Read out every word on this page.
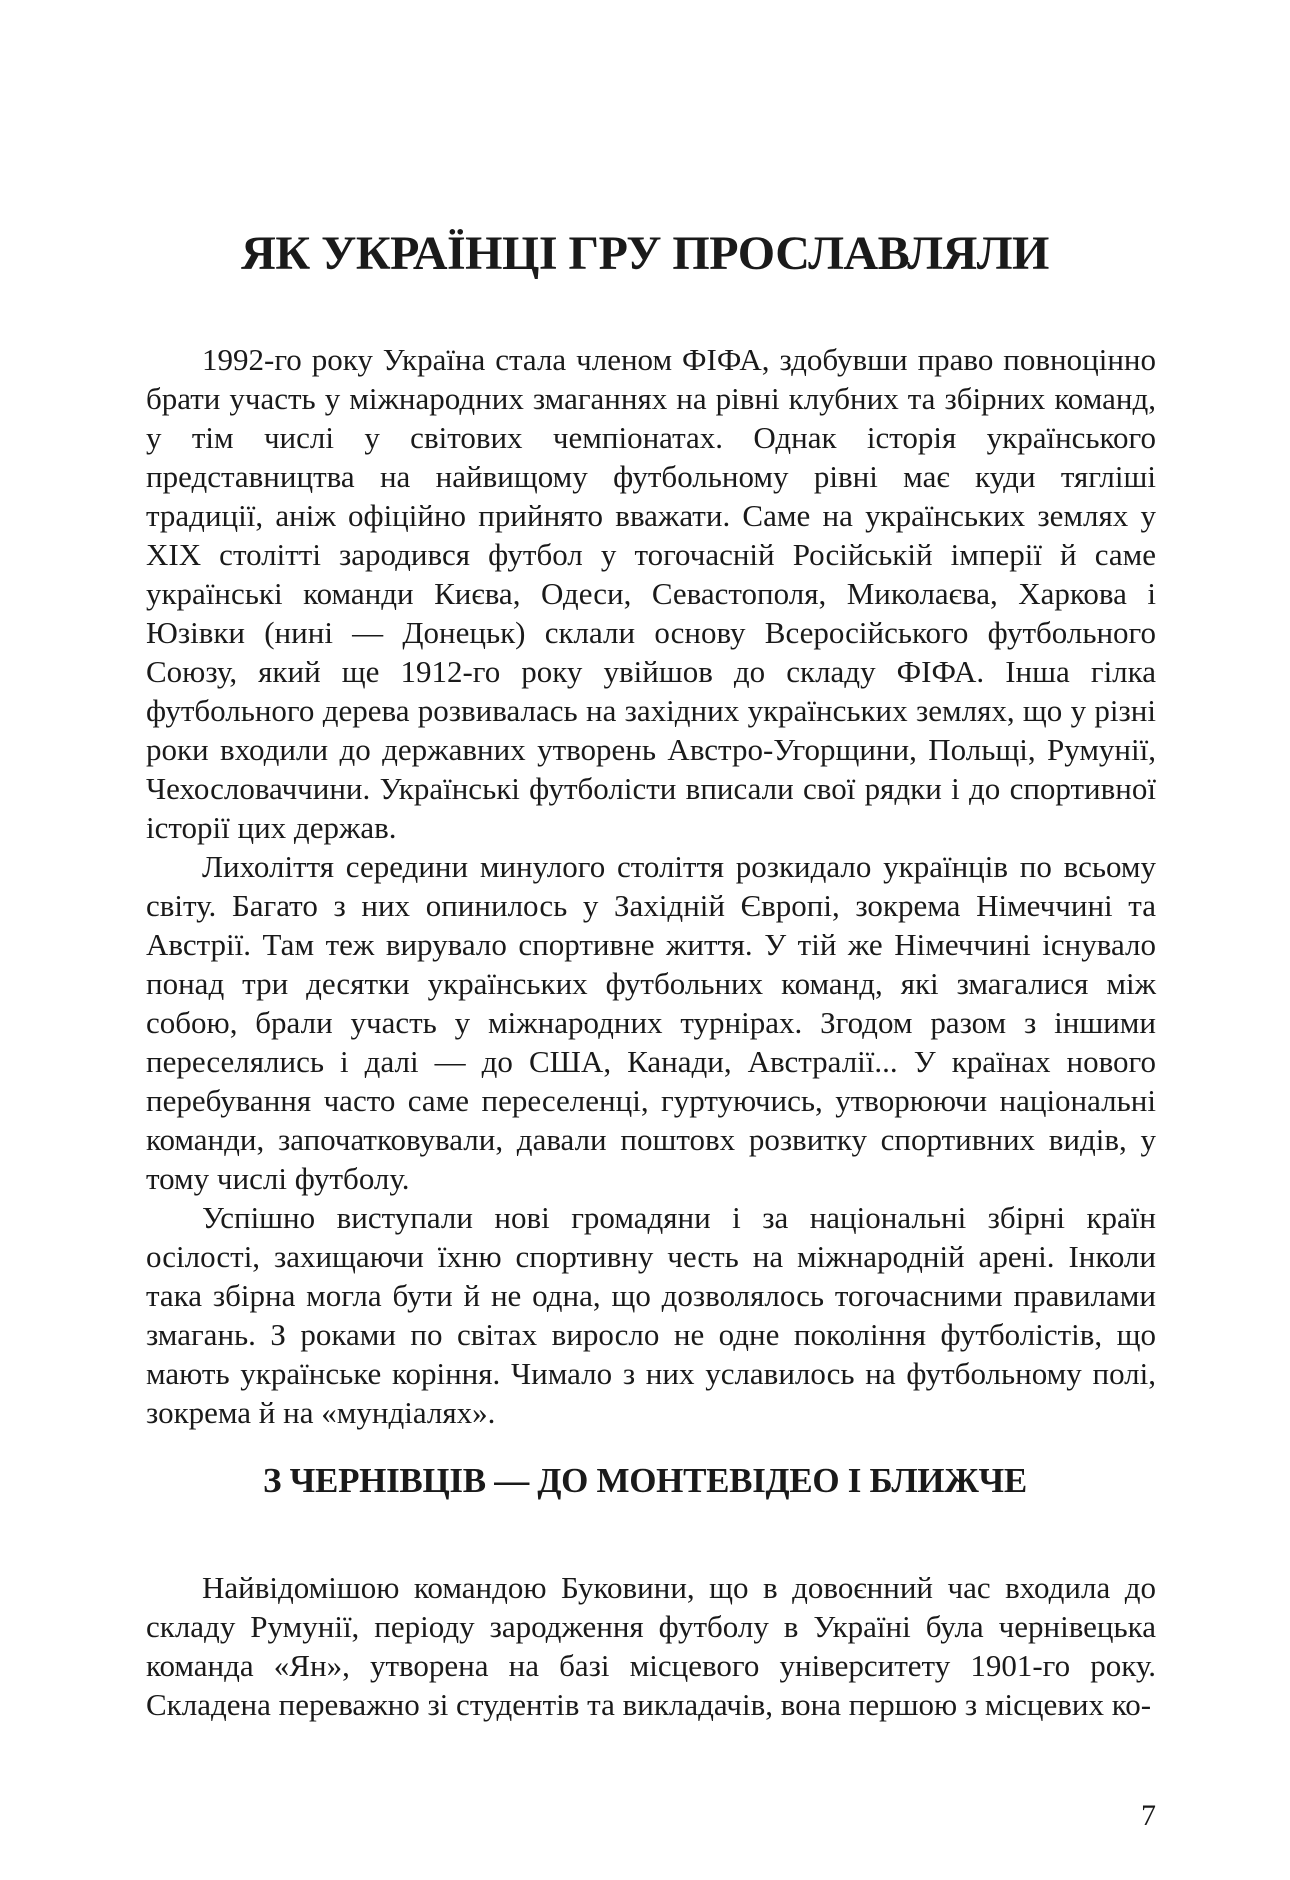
ЯК УКРАЇНЦІ ГРУ ПРОСЛАВЛЯЛИ

1992-го року Україна стала членом ФІФА, здобувши право повноцінно брати участь у міжнародних змаганнях на рівні клубних та збірних команд, у тім числі у світових чемпіонатах. Однак історія українського представництва на найвищому футбольному рівні має куди тягліші традиції, аніж офіційно прийнято вважати. Саме на українських землях у XIX столітті зародився футбол у тогочасній Російській імперії й саме українські команди Києва, Одеси, Севастополя, Миколаєва, Харкова і Юзівки (нині — Донецьк) склали основу Всеросійського футбольного Союзу, який ще 1912-го року увійшов до складу ФІФА. Інша гілка футбольного дерева розвивалась на західних українських землях, що у різні роки входили до державних утворень Австро-Угорщини, Польщі, Румунії, Чехословаччини. Українські футболісти вписали свої рядки і до спортивної історії цих держав.

Лихоліття середини минулого століття розкидало українців по всьому світу. Багато з них опинилось у Західній Європі, зокрема Німеччині та Австрії. Там теж вирувало спортивне життя. У тій же Німеччині існувало понад три десятки українських футбольних команд, які змагалися між собою, брали участь у міжнародних турнірах. Згодом разом з іншими переселялись і далі — до США, Канади, Австралії... У країнах нового перебування часто саме переселенці, гуртуючись, утворюючи національні команди, започатковували, давали поштовх розвитку спортивних видів, у тому числі футболу.

Успішно виступали нові громадяни і за національні збірні країн осілості, захищаючи їхню спортивну честь на міжнародній арені. Інколи така збірна могла бути й не одна, що дозволялось тогочасними правилами змагань. З роками по світах виросло не одне покоління футболістів, що мають українське коріння. Чимало з них уславилось на футбольному полі, зокрема й на «мундіалях».

З ЧЕРНІВЦІВ — ДО МОНТЕВІДЕО І БЛИЖЧЕ

Найвідомішою командою Буковини, що в довоєнний час входила до складу Румунії, періоду зародження футболу в Україні була чернівецька команда «Ян», утворена на базі місцевого університету 1901-го року. Складена переважно зі студентів та викладачів, вона першою з місцевих ко-

7
